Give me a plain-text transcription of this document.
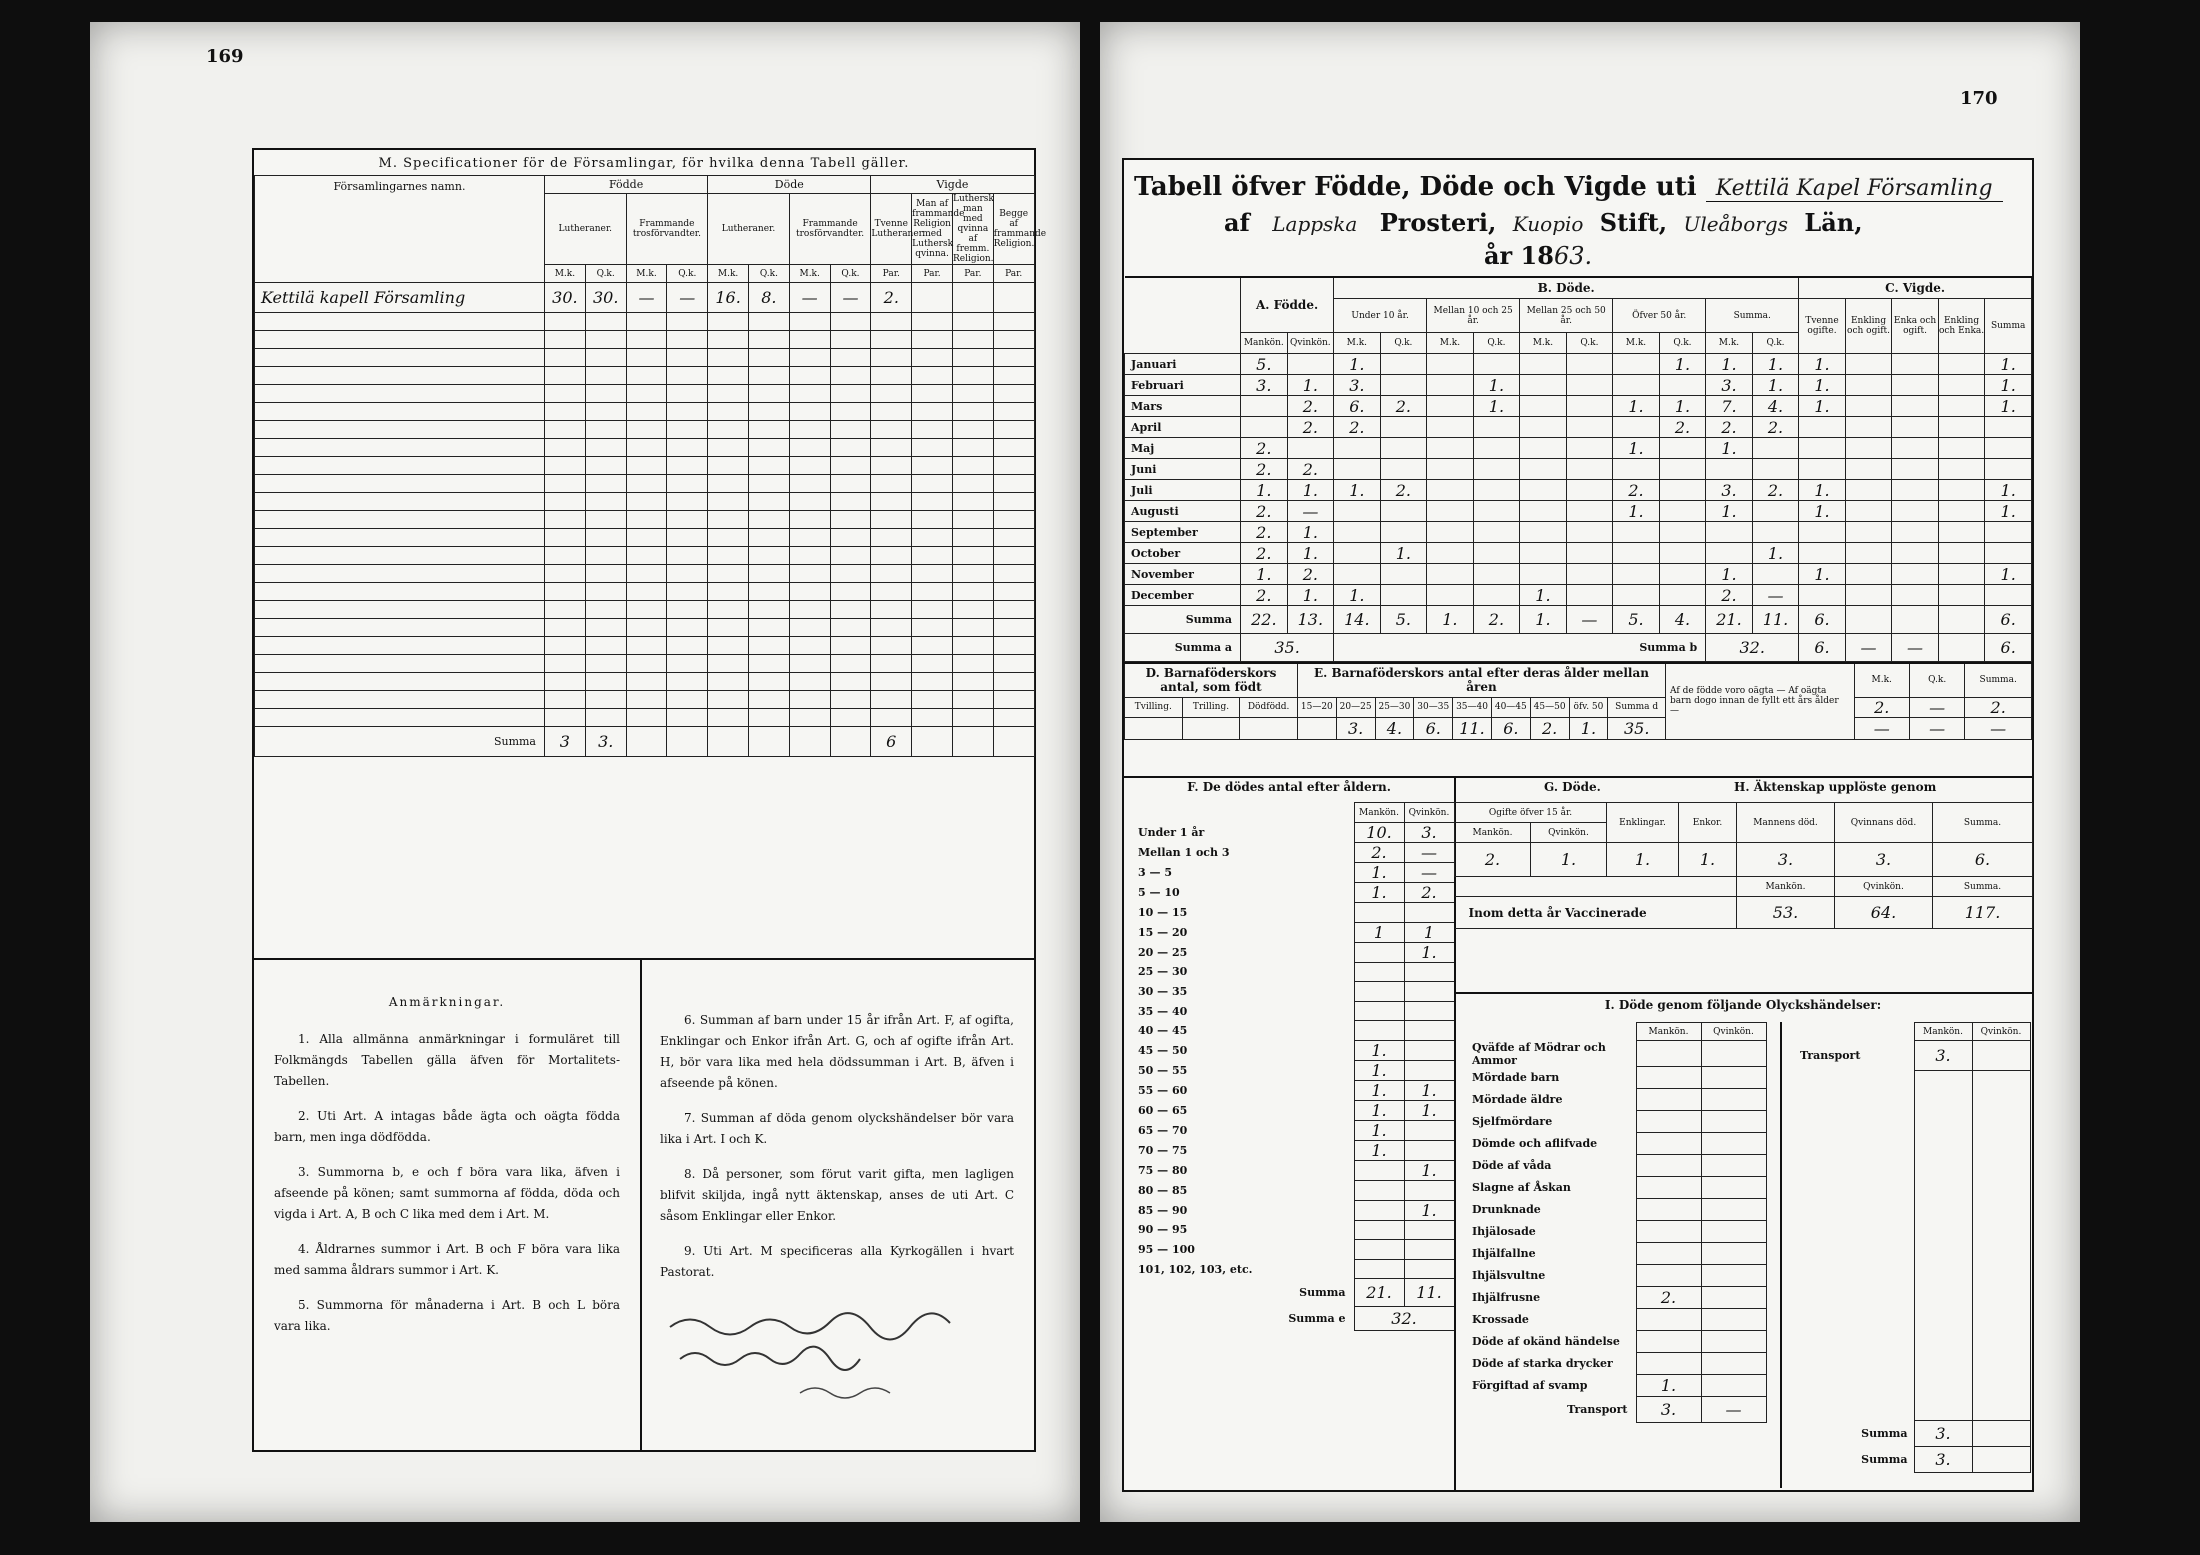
169
M. Specificationer för de Församlingar, för hvilka denna Tabell gäller.
Församlingarnes namn.	Födde				Döde				Vigde			
	Lutheraner.		Frammande trosförvandter.		Lutheraner.		Frammande trosförvandter.		Tvenne Lutheraner.	Man af frammande Religion med Luthersk qvinna.	Luthersk man med qvinna af fremm. Religion.	Begge af frammande Religion.
	M.k.	Q.k.	M.k.	Q.k.	M.k.	Q.k.	M.k.	Q.k.	Par.	Par.	Par.	Par.
Kettilä kapell Församling	30.	30.	—	—	16.	8.	—	—	2.			

Summa	3	3.							6			
Anmärkningar.

1. Alla allmänna anmärkningar i formuläret till Folkmängds Tabellen gälla äfven för Mortalitets-Tabellen.

2. Uti Art. A intagas både ägta och oägta födda barn, men inga dödfödda.

3. Summorna b, e och f böra vara lika, äfven i afseende på könen; samt summorna af födda, döda och vigda i Art. A, B och C lika med dem i Art. M.

4. Åldrarnes summor i Art. B och F böra vara lika med samma åldrars summor i Art. K.

5. Summorna för månaderna i Art. B och L böra vara lika.

6. Summan af barn under 15 år ifrån Art. F, af ogifta, Enklingar och Enkor ifrån Art. G, och af ogifte ifrån Art. H, bör vara lika med hela dödssumman i Art. B, äfven i afseende på könen.

7. Summan af döda genom olyckshändelser bör vara lika i Art. I och K.

8. Då personer, som förut varit gifta, men lagligen blifvit skiljda, ingå nytt äktenskap, anses de uti Art. C såsom Enklingar eller Enkor.

9. Uti Art. M specificeras alla Kyrkogällen i hvart Pastorat.

170
Tabell öfver Födde, Döde och Vigde uti Kettilä Kapel Församling
af Lappska Prosteri, Kuopio Stift, Uleåborgs Län,
år 1863.
	A. Födde.		B. Döde.										C. Vigde.				
			Under 10 år.		Mellan 10 och 25 år.		Mellan 25 och 50 år.		Öfver 50 år.		Summa.		Tvenne ogifte.	Enkling och ogift.	Enka och ogift.	Enkling och Enka.	Summa
	Mankön.	Qvinkön.	M.k.	Q.k.	M.k.	Q.k.	M.k.	Q.k.	M.k.	Q.k.	M.k.	Q.k.					
Januari	5.		1.							1.	1.	1.	1.				1.
Februari	3.	1.	3.			1.					3.	1.	1.				1.
Mars		2.	6.	2.		1.			1.	1.	7.	4.	1.				1.
April		2.	2.							2.	2.	2.					
Maj	2.								1.		1.						
Juni	2.	2.															
Juli	1.	1.	1.	2.					2.		3.	2.	1.				1.
Augusti	2.	—							1.		1.		1.				1.
September	2.	1.															
October	2.	1.		1.								1.					
November	1.	2.									1.		1.				1.
December	2.	1.	1.				1.				2.	—					
Summa	22.	13.	14.	5.	1.	2.	1.	—	5.	4.	21.	11.	6.				6.
Summa a	35.		Summa b								32.		6.	—	—		6.
D. Barnaföderskors antal, som födt			E. Barnaföderskors antal efter deras ålder mellan åren									Af de födde voro oägta — Af oägta barn dogo innan de fyllt ett års ålder —	M.k.	Q.k.	Summa.
Tvilling.	Trilling.	Dödfödd.	15—20	20—25	25—30	30—35	35—40	40—45	45—50	öfv. 50	Summa d		2.	—	2.
				3.	4.	6.	11.	6.	2.	1.	35.		—	—	—
F. De dödes antal efter åldern.
	Mankön.	Qvinkön.
Under 1 år	10.	3.
Mellan 1 och 3	2.	—
3 — 5	1.	—
5 — 10	1.	2.
10 — 15		
15 — 20	1	1
20 — 25		1.
25 — 30		
30 — 35		
35 — 40		
40 — 45		
45 — 50	1.	
50 — 55	1.	
55 — 60	1.	1.
60 — 65	1.	1.
65 — 70	1.	
70 — 75	1.	
75 — 80		1.
80 — 85		
85 — 90		1.
90 — 95		
95 — 100		
101, 102, 103, etc.		
Summa	21.	11.
Summa e	32.	
G. Döde.	H. Äktenskap upplöste genom
Ogifte öfver 15 år.		Enklingar.	Enkor.	Mannens död.	Qvinnans död.	Summa.
Mankön.	Qvinkön.					
2.	1.	1.	1.	3.	3.	6.
				Mankön.	Qvinkön.	Summa.
Inom detta år Vaccinerade				53.	64.	117.
I. Döde genom följande Olyckshändelser:
	Mankön.	Qvinkön.
Qväfde af Mödrar och Ammor		
Mördade barn		
Mördade äldre		
Sjelfmördare		
Dömde och aflifvade		
Döde af våda		
Slagne af Åskan		
Drunknade		
Ihjälosade		
Ihjälfallne		
Ihjälsvultne		
Ihjälfrusne	2.	
Krossade		
Döde af okänd händelse		
Döde af starka drycker		
Förgiftad af svamp	1.	
Transport	3.	—
	Mankön.	Qvinkön.
Transport	3.	

Summa	3.	
Summa	3.	
